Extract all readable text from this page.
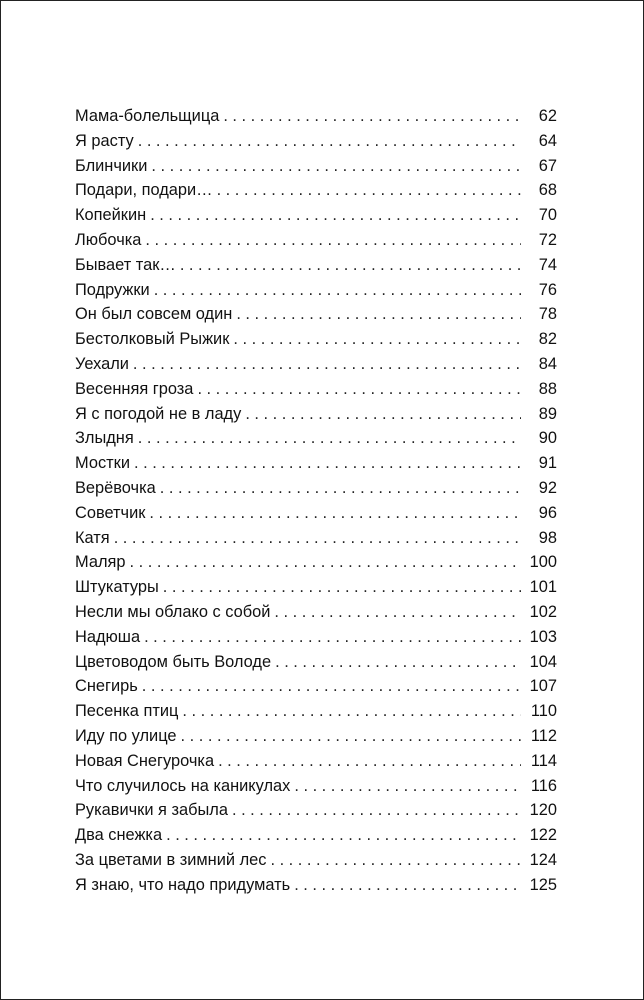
Мама-болельщица . . .	62
Я расту . . .	64
Блинчики . . .	67
Подари, подари… . . .	68
Копейкин . . .	70
Любочка . . .	72
Бывает так… . . .	74
Подружки . . .	76
Он был совсем один . . .	78
Бестолковый Рыжик . . .	82
Уехали . . .	84
Весенняя гроза . . .	88
Я с погодой не в ладу . . .	89
Злыдня . . .	90
Мостки . . .	91
Верёвочка . . .	92
Советчик . . .	96
Катя . . .	98
Маляр . . .	100
Штукатуры . . .	101
Несли мы облако с собой . . .	102
Надюша . . .	103
Цветоводом быть Володе . . .	104
Снегирь . . .	107
Песенка птиц . . .	110
Иду по улице . . .	112
Новая Снегурочка . . .	114
Что случилось на каникулах . . .	116
Рукавички я забыла . . .	120
Два снежка . . .	122
За цветами в зимний лес . . .	124
Я знаю, что надо придумать . . .	125
